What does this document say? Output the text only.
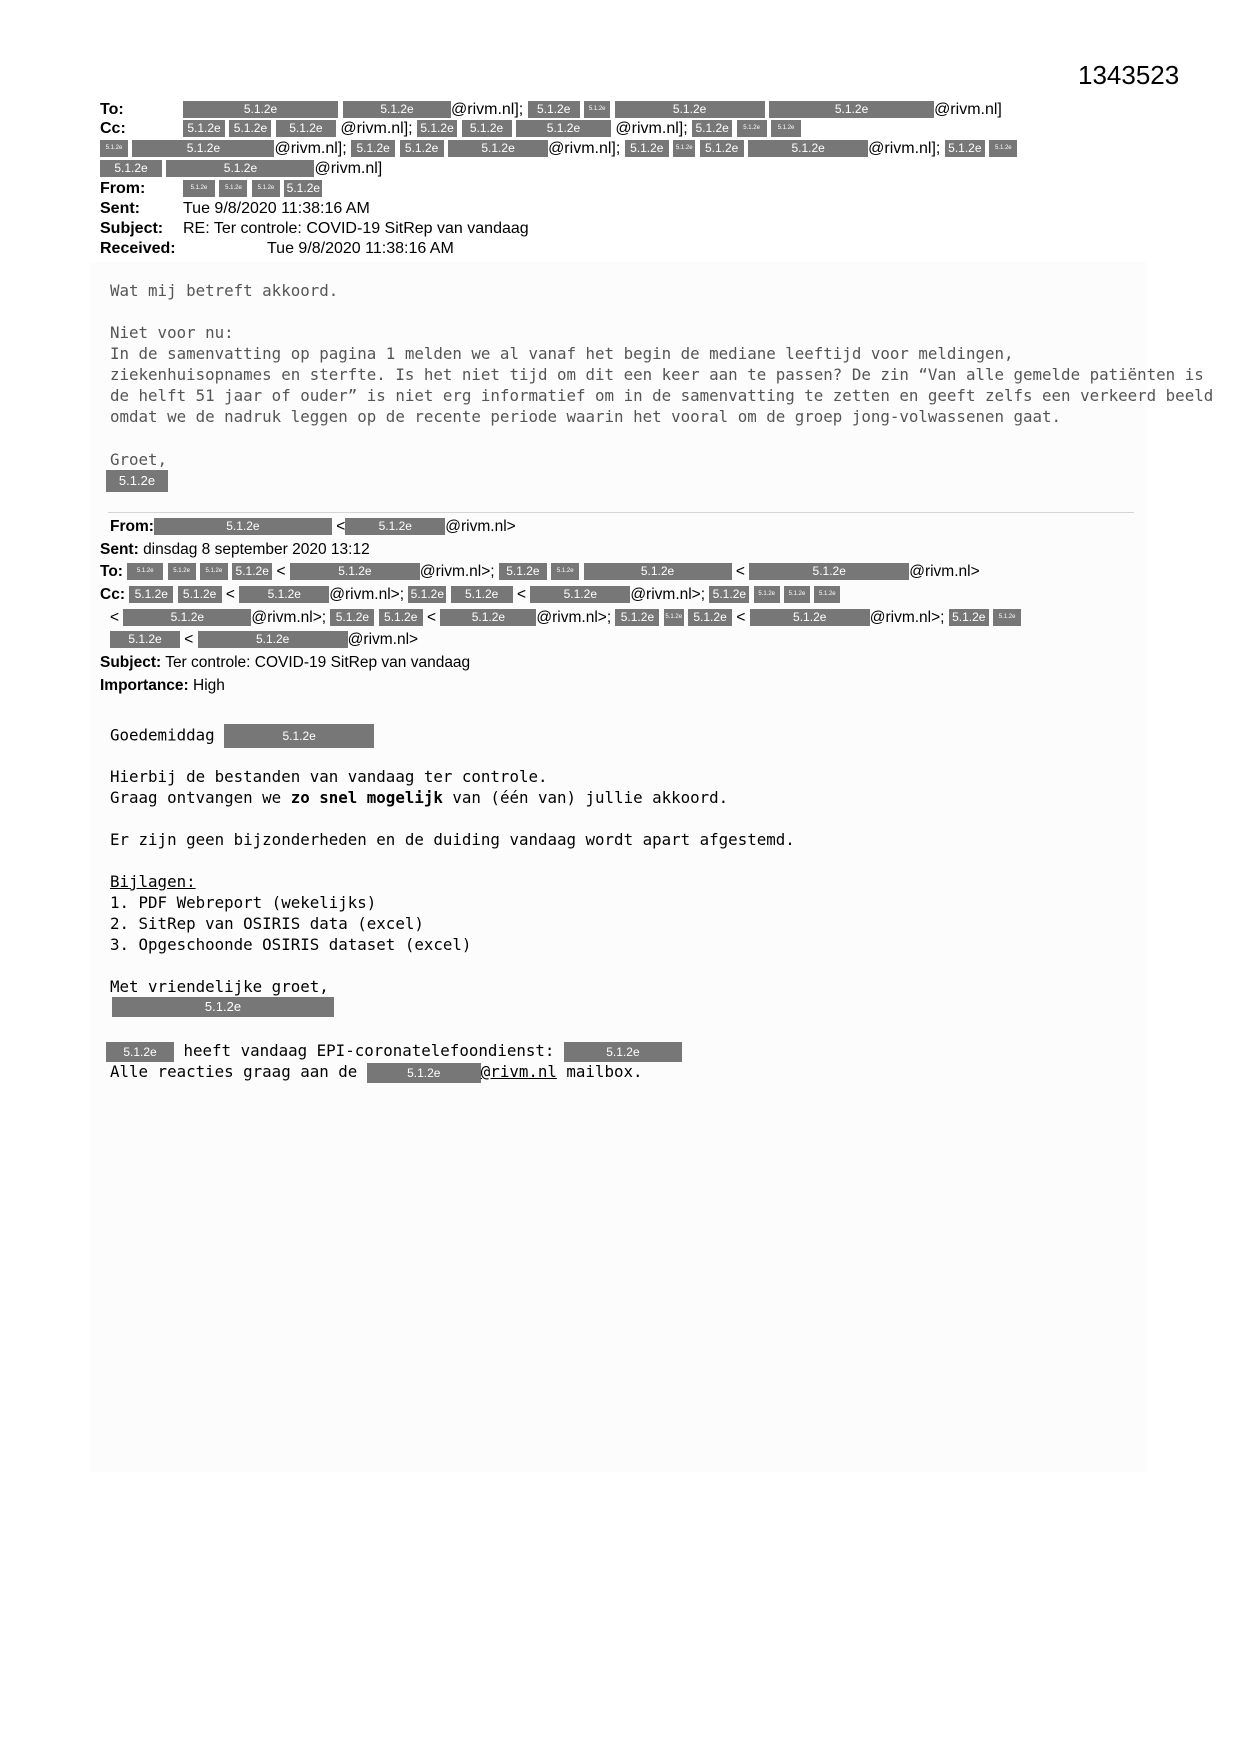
1343523
To:	5.1.2e	5.1.2e @rivm.nl]; 5.1.2e	5.1.2e	5.1.2e	5.1.2e	@rivm.nl]
Cc:	5.1.2e 5.1.2e 5.1.2e @rivm.nl]; 5.1.2e 5.1.2e	5.1.2e @rivm.nl]; 5.1.2e 5.1.2e	5.1.2e
5.1.2e	5.1.2e	@rivm.nl]; 5.1.2e 5.1.2e	5.1.2e @rivm.nl]; 5.1.2e 5.1.2e 5.1.2e	5.1.2e	@rivm.nl]; 5.1.2e 5.1.2e
5.1.2e	5.1.2e	@rivm.nl]
From:	5.1.2e	5.1.2e	5.1.2e 5.1.2e
Sent:	Tue 9/8/2020 11:38:16 AM
Subject: RE: Ter controle: COVID-19 SitRep van vandaag
Received:	Tue 9/8/2020 11:38:16 AM
Wat mij betreft akkoord.
Niet voor nu:
In de samenvatting op pagina 1 melden we al vanaf het begin de mediane leeftijd voor meldingen,
ziekenhuisopnames en sterfte. Is het niet tijd om dit een keer aan te passen? De zin “Van alle gemelde patiënten is
de helft 51 jaar of ouder” is niet erg informatief om in de samenvatting te zetten en geeft zelfs een verkeerd beeld
omdat we de nadruk leggen op de recente periode waarin het vooral om de groep jong-volwassenen gaat.
Groet,
5.1.2e
From:	5.1.2e	<	5.1.2e @rivm.nl>
Sent: dinsdag 8 september 2020 13:12
To: 5.1.2e	5.1.2e	5.1.2e 5.1.2e <	5.1.2e	@rivm.nl>; 5.1.2e	5.1.2e	5.1.2e	<	5.1.2e	@rivm.nl>
Cc: 5.1.2e 5.1.2e < 5.1.2e @rivm.nl>; 5.1.2e 5.1.2e <	5.1.2e @rivm.nl>; 5.1.2e 5.1.2e 5.1.2e 5.1.2e
<	5.1.2e	@rivm.nl>; 5.1.2e 5.1.2e <	5.1.2e @rivm.nl>; 5.1.2e 5.1.2e 5.1.2e <	5.1.2e	@rivm.nl>; 5.1.2e 5.1.2e
5.1.2e <	5.1.2e	@rivm.nl>
Subject: Ter controle: COVID-19 SitRep van vandaag
Importance: High
Goedemiddag	5.1.2e
Hierbij de bestanden van vandaag ter controle.
Graag ontvangen we zo snel mogelijk van (één van) jullie akkoord.
Er zijn geen bijzonderheden en de duiding vandaag wordt apart afgestemd.
Bijlagen:
1. PDF Webreport (wekelijks)
2. SitRep van OSIRIS data (excel)
3. Opgeschoonde OSIRIS dataset (excel)
Met vriendelijke groet,
5.1.2e
5.1.2e heeft vandaag EPI-coronatelefoondienst:	5.1.2e
Alle reacties graag aan de	5.1.2e	@rivm.nl mailbox.
